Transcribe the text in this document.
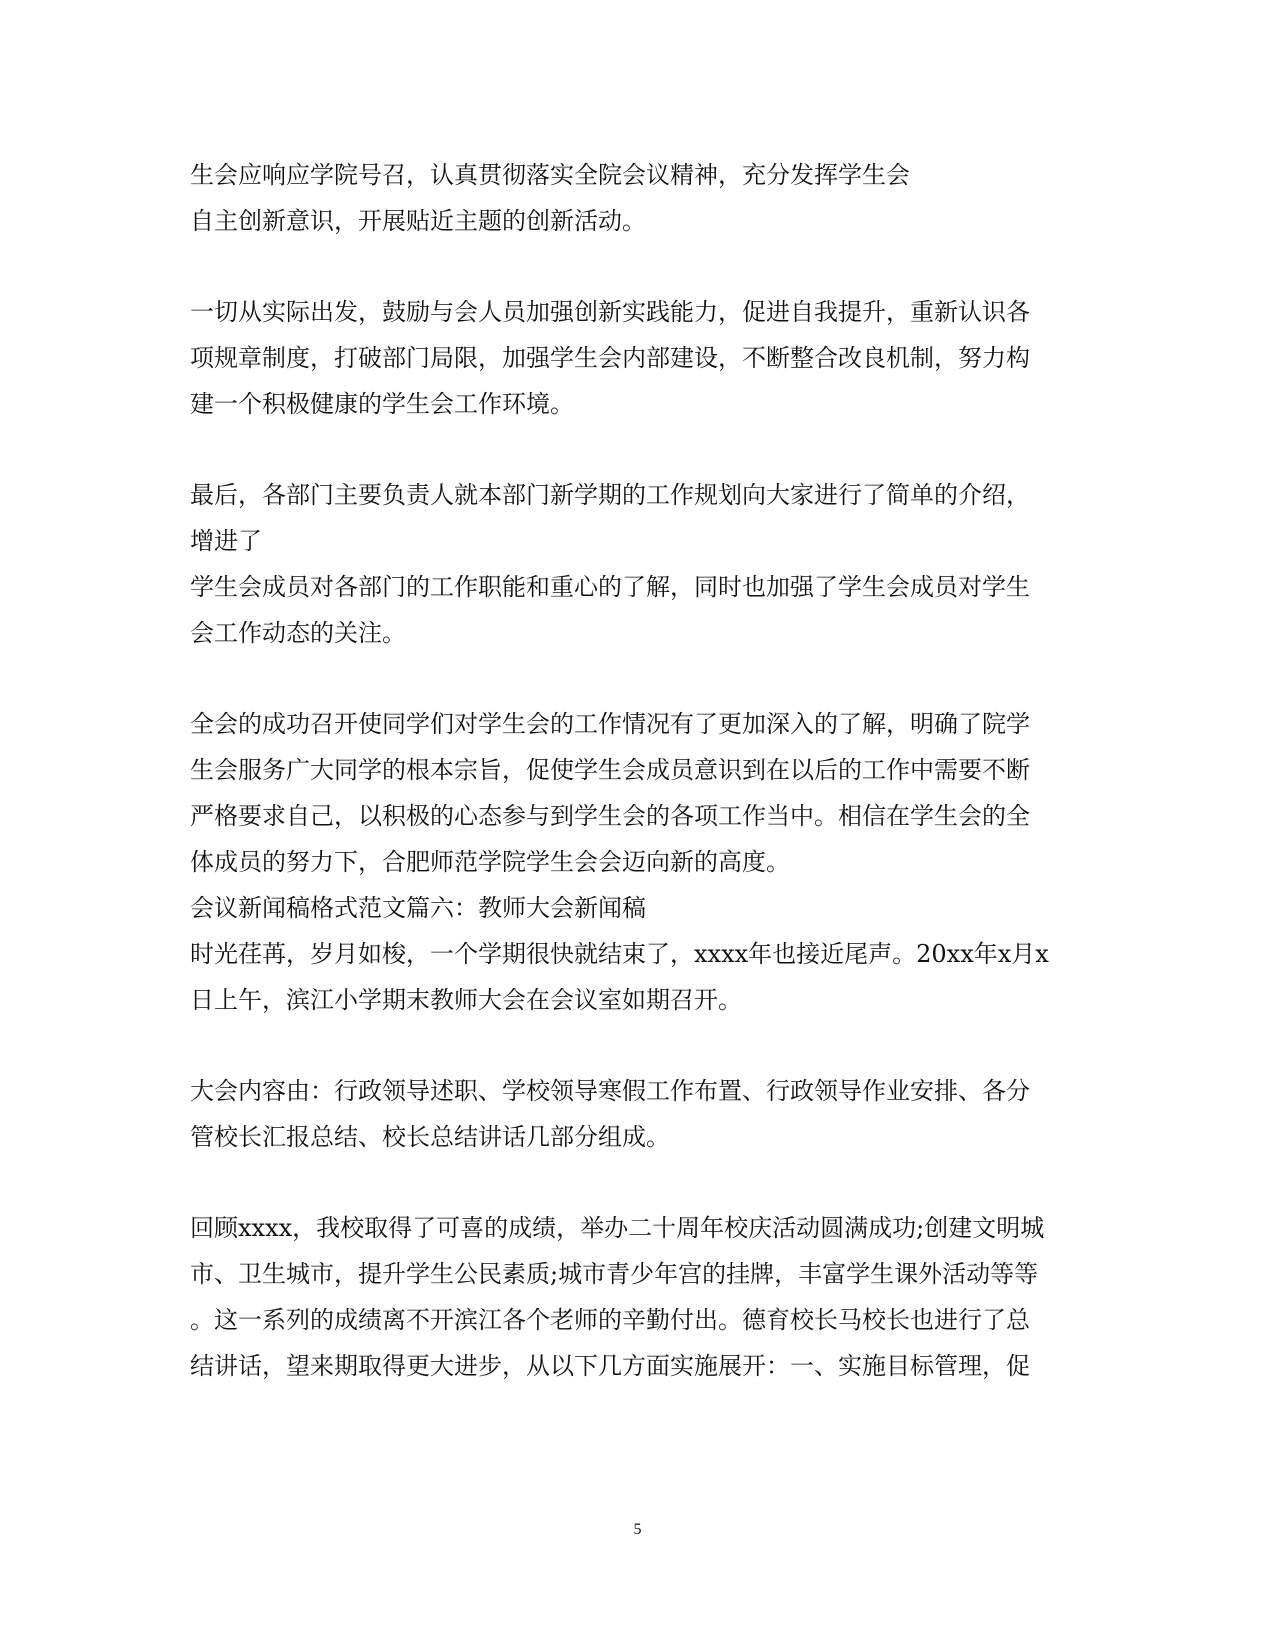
生会应响应学院号召，认真贯彻落实全院会议精神，充分发挥学生会
自主创新意识，开展贴近主题的创新活动。
一切从实际出发，鼓励与会人员加强创新实践能力，促进自我提升，重新认识各
项规章制度，打破部门局限，加强学生会内部建设，不断整合改良机制，努力构
建一个积极健康的学生会工作环境。
最后，各部门主要负责人就本部门新学期的工作规划向大家进行了简单的介绍，
增进了
学生会成员对各部门的工作职能和重心的了解，同时也加强了学生会成员对学生
会工作动态的关注。
全会的成功召开使同学们对学生会的工作情况有了更加深入的了解，明确了院学
生会服务广大同学的根本宗旨，促使学生会成员意识到在以后的工作中需要不断
严格要求自己，以积极的心态参与到学生会的各项工作当中。相信在学生会的全
体成员的努力下，合肥师范学院学生会会迈向新的高度。
会议新闻稿格式范文篇六：教师大会新闻稿
时光荏苒，岁月如梭，一个学期很快就结束了，xxxx年也接近尾声。20xx年x月x
日上午，滨江小学期末教师大会在会议室如期召开。
大会内容由：行政领导述职、学校领导寒假工作布置、行政领导作业安排、各分
管校长汇报总结、校长总结讲话几部分组成。
回顾xxxx，我校取得了可喜的成绩，举办二十周年校庆活动圆满成功;创建文明城
市、卫生城市，提升学生公民素质;城市青少年宫的挂牌，丰富学生课外活动等等
。这一系列的成绩离不开滨江各个老师的辛勤付出。德育校长马校长也进行了总
结讲话，望来期取得更大进步，从以下几方面实施展开：一、实施目标管理，促
5
